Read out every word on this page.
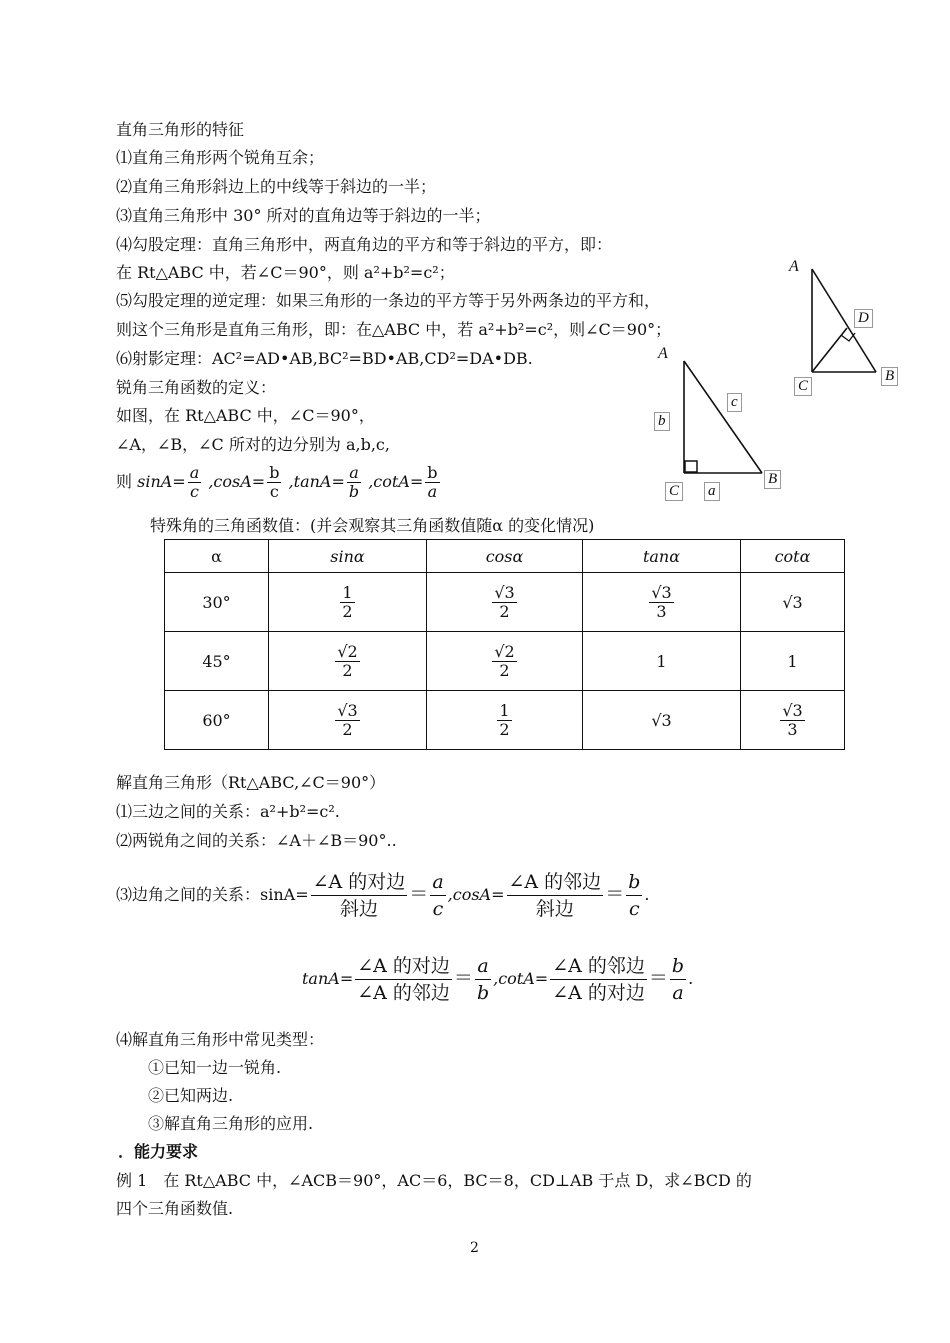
直角三角形的特征
⑴直角三角形两个锐角互余；
⑵直角三角形斜边上的中线等于斜边的一半；
⑶直角三角形中 30° 所对的直角边等于斜边的一半；
⑷勾股定理：直角三角形中，两直角边的平方和等于斜边的平方，即：
在 Rt△ABC 中，若∠C＝90°，则 a²+b²=c²；
⑸勾股定理的逆定理：如果三角形的一条边的平方等于另外两条边的平方和，
则这个三角形是直角三角形，即：在△ABC 中，若 a²+b²=c²，则∠C＝90°；
⑹射影定理：AC²=AD•AB,BC²=BD•AB,CD²=DA•DB.
锐角三角函数的定义：
如图，在 Rt△ABC 中，∠C＝90°，
∠A，∠B，∠C 所对的边分别为 a,b,c,
则 $\sin A= \frac{a}{c} ,\cos A= \frac{b}{c} ,\tan A= \frac{a}{b} ,\cot A= \frac{b}{a}$
特殊角的三角函数值：(并会观察其三角函数值随α 的变化情况)
α	sinα	cosα	tanα	cotα
30°	$\frac{1}{2}$	$\frac{√3}{2}$	$\frac{√3}{3}$	√3
45°	$\frac{√2}{2}$	$\frac{√2}{2}$	1	1
60°	$\frac{√3}{2}$	$\frac{1}{2}$	√3	$\frac{√3}{3}$
解直角三角形（Rt△ABC,∠C＝90°）
⑴三边之间的关系：a²+b²=c².
⑵两锐角之间的关系：∠A＋∠B＝90°..
⑶边角之间的关系：$\sin A= \frac{\text{∠A 的对边}}{\text{斜边}} = \frac{a}{c} ,\cos A= \frac{\text{∠A 的邻边}}{\text{斜边}} = \frac{b}{c}$ .
$\tan A= \frac{\text{∠A 的对边}}{\text{∠A 的邻边}} = \frac{a}{b} ,\cot A= \frac{\text{∠A 的邻边}}{\text{∠A 的对边}} = \frac{b}{a}$ .
⑷解直角三角形中常见类型：
①已知一边一锐角.
②已知两边.
③解直角三角形的应用.
．能力要求
例 1　在 Rt△ABC 中，∠ACB＝90°，AC＝6，BC＝8，CD⊥AB 于点 D，求∠BCD 的
四个三角函数值.
2
A
D
C
B
A
c
b
B
C a
